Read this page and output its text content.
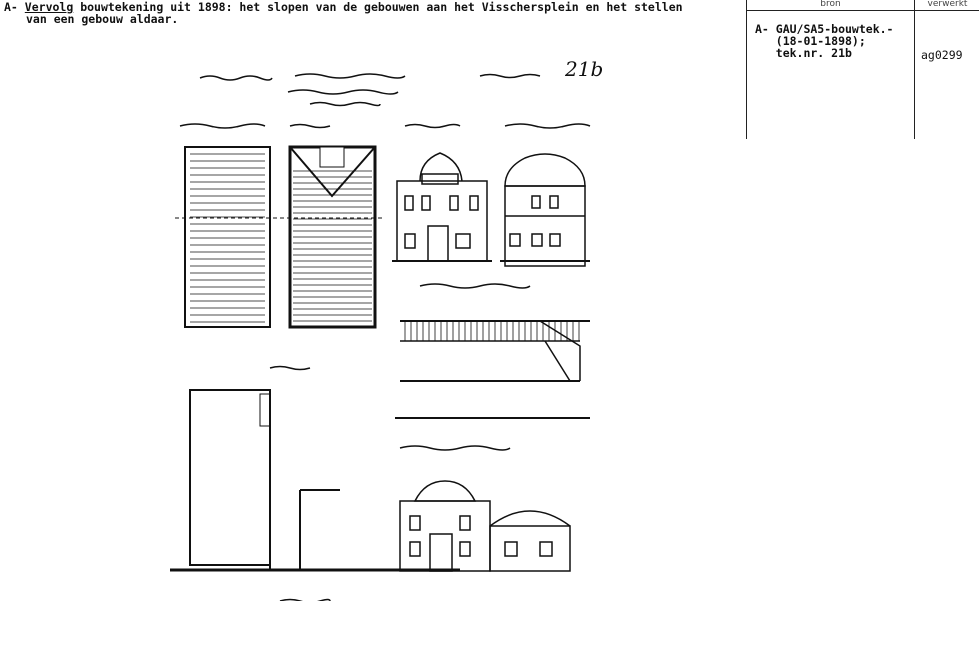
A- Vervolg bouwtekening uit 1898: het slopen van de gebouwen aan het Visschersplein en het stellen
van een gebouw aldaar.
bron	verwerkt
A- GAU/SA5-bouwtek.-
(18-01-1898);
tek.nr. 21b	ag0299
21b
